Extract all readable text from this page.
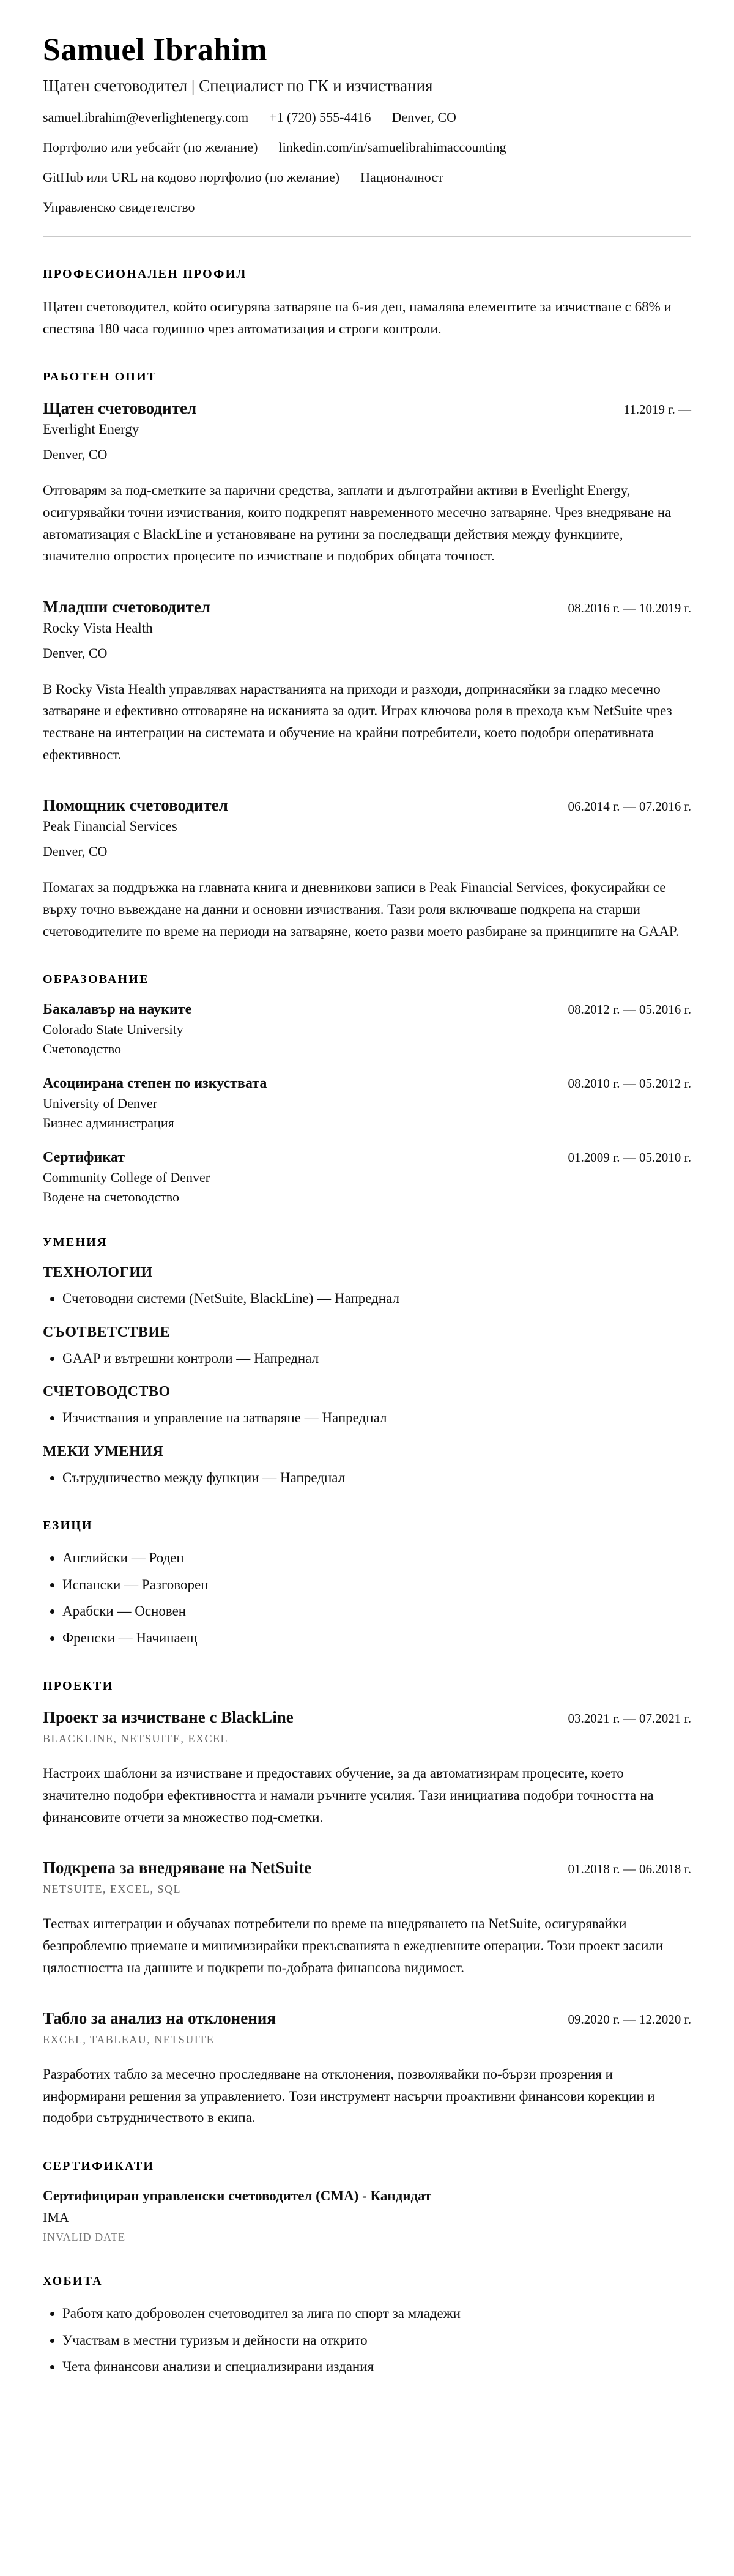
Samuel Ibrahim
Щатен счетоводител | Специалист по ГК и изчиствания
samuel.ibrahim@everlightenergy.com +1 (720) 555-4416 Denver, CO
Портфолио или уебсайт (по желание) linkedin.com/in/samuelibrahimaccounting
GitHub или URL на кодово портфолио (по желание) Националност
Управленско свидетелство
ПРОФЕСИОНАЛЕН ПРОФИЛ

Щатен счетоводител, който осигурява затваряне на 6-ия ден, намалява елементите за изчистване с 68% и спестява 180 часа годишно чрез автоматизация и строги контроли.

РАБОТЕН ОПИТ
Щатен счетоводител	11.2019 г. —
Everlight Energy
Denver, CO

Отговарям за под-сметките за парични средства, заплати и дълготрайни активи в Everlight Energy, осигурявайки точни изчиствания, които подкрепят навременното месечно затваряне. Чрез внедряване на автоматизация с BlackLine и установяване на рутини за последващи действия между функциите, значително опростих процесите по изчистване и подобрих общата точност.

Младши счетоводител	08.2016 г. — 10.2019 г.
Rocky Vista Health
Denver, CO

В Rocky Vista Health управлявах нарастванията на приходи и разходи, допринасяйки за гладко месечно затваряне и ефективно отговаряне на исканията за одит. Играх ключова роля в прехода към NetSuite чрез тестване на интеграции на системата и обучение на крайни потребители, което подобри оперативната ефективност.

Помощник счетоводител	06.2014 г. — 07.2016 г.
Peak Financial Services
Denver, CO

Помагах за поддръжка на главната книга и дневникови записи в Peak Financial Services, фокусирайки се върху точно въвеждане на данни и основни изчиствания. Тази роля включваше подкрепа на старши счетоводителите по време на периоди на затваряне, което разви моето разбиране за принципите на GAAP.

ОБРАЗОВАНИЕ
Бакалавър на науките	08.2012 г. — 05.2016 г.
Colorado State University
Счетоводство
Асоциирана степен по изкуствата	08.2010 г. — 05.2012 г.
University of Denver
Бизнес администрация
Сертификат	01.2009 г. — 05.2010 г.
Community College of Denver
Водене на счетоводство
УМЕНИЯ
ТЕХНОЛОГИИ
• Счетоводни системи (NetSuite, BlackLine) — Напреднал
СЪОТВЕТСТВИЕ
• GAAP и вътрешни контроли — Напреднал
СЧЕТОВОДСТВО
• Изчиствания и управление на затваряне — Напреднал
МЕКИ УМЕНИЯ
• Сътрудничество между функции — Напреднал
ЕЗИЦИ
• Английски — Роден
• Испански — Разговорен
• Арабски — Основен
• Френски — Начинаещ
ПРОЕКТИ
Проект за изчистване с BlackLine	03.2021 г. — 07.2021 г.
BLACKLINE, NETSUITE, EXCEL

Настроих шаблони за изчистване и предоставих обучение, за да автоматизирам процесите, което значително подобри ефективността и намали ръчните усилия. Тази инициатива подобри точността на финансовите отчети за множество под-сметки.

Подкрепа за внедряване на NetSuite	01.2018 г. — 06.2018 г.
NETSUITE, EXCEL, SQL

Тествах интеграции и обучавах потребители по време на внедряването на NetSuite, осигурявайки безпроблемно приемане и минимизирайки прекъсванията в ежедневните операции. Този проект засили цялостността на данните и подкрепи по-добрата финансова видимост.

Табло за анализ на отклонения	09.2020 г. — 12.2020 г.
EXCEL, TABLEAU, NETSUITE

Разработих табло за месечно проследяване на отклонения, позволявайки по-бързи прозрения и информирани решения за управлението. Този инструмент насърчи проактивни финансови корекции и подобри сътрудничеството в екипа.

СЕРТИФИКАТИ
Сертифициран управленски счетоводител (CMA) - Кандидат
IMA
INVALID DATE
ХОБИТА
• Работя като доброволен счетоводител за лига по спорт за младежи
• Участвам в местни туризъм и дейности на открито
• Чета финансови анализи и специализирани издания
